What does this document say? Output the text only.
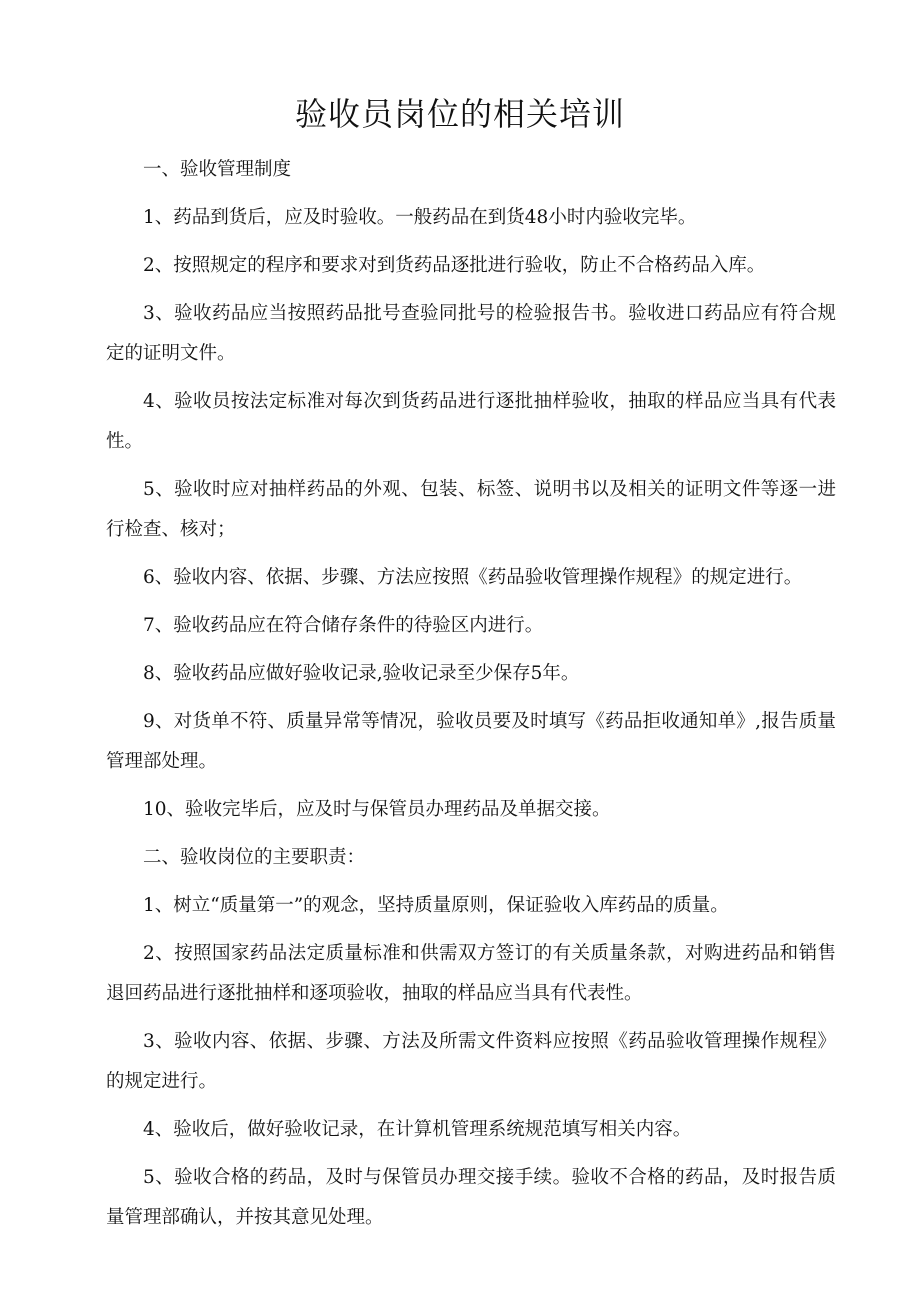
验收员岗位的相关培训

一、验收管理制度

1、药品到货后，应及时验收。一般药品在到货48小时内验收完毕。

2、按照规定的程序和要求对到货药品逐批进行验收，防止不合格药品入库。

3、验收药品应当按照药品批号查验同批号的检验报告书。验收进口药品应有符合规定的证明文件。

4、验收员按法定标准对每次到货药品进行逐批抽样验收，抽取的样品应当具有代表性。

5、验收时应对抽样药品的外观、包装、标签、说明书以及相关的证明文件等逐一进行检查、核对；

6、验收内容、依据、步骤、方法应按照《药品验收管理操作规程》的规定进行。

7、验收药品应在符合储存条件的待验区内进行。

8、验收药品应做好验收记录,验收记录至少保存5年。

9、对货单不符、质量异常等情况，验收员要及时填写《药品拒收通知单》,报告质量管理部处理。

10、验收完毕后，应及时与保管员办理药品及单据交接。

二、验收岗位的主要职责：

1、树立“质量第一”的观念，坚持质量原则，保证验收入库药品的质量。

2、按照国家药品法定质量标准和供需双方签订的有关质量条款，对购进药品和销售退回药品进行逐批抽样和逐项验收，抽取的样品应当具有代表性。

3、验收内容、依据、步骤、方法及所需文件资料应按照《药品验收管理操作规程》的规定进行。

4、验收后，做好验收记录，在计算机管理系统规范填写相关内容。

5、验收合格的药品，及时与保管员办理交接手续。验收不合格的药品，及时报告质量管理部确认，并按其意见处理。
